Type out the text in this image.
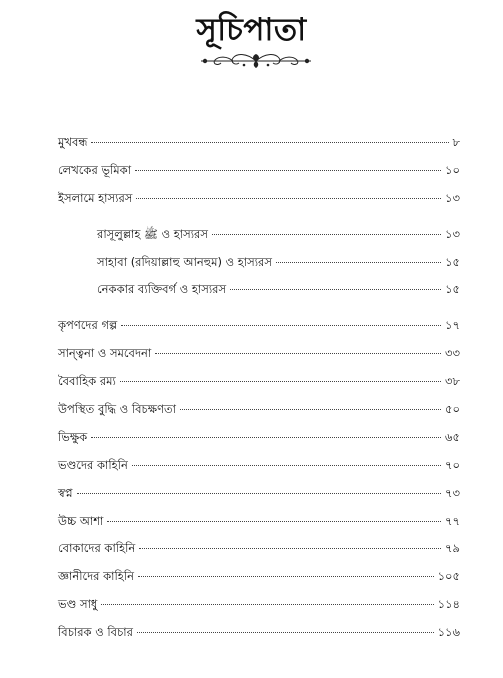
সূচিপাতা
মুখবন্ধ	৮
লেখকের ভূমিকা	১০
ইসলামে হাস্যরস	১৩
রাসূলুল্লাহ ﷺ ও হাস্যরস	১৩
সাহাবা (রদিয়াল্লাহু আনহুম) ও হাস্যরস	১৫
নেককার ব্যক্তিবর্গ ও হাস্যরস	১৫
কৃপণদের গল্প	১৭
সান্ত্বনা ও সমবেদনা	৩৩
বৈবাহিক রম্য	৩৮
উপস্থিত বুদ্ধি ও বিচক্ষণতা	৫০
ভিক্ষুক	৬৫
ভণ্ডদের কাহিনি	৭০
স্বপ্ন	৭৩
উচ্চ আশা	৭৭
বোকাদের কাহিনি	৭৯
জ্ঞানীদের কাহিনি	১০৫
ভণ্ড সাধু	১১৪
বিচারক ও বিচার	১১৬
